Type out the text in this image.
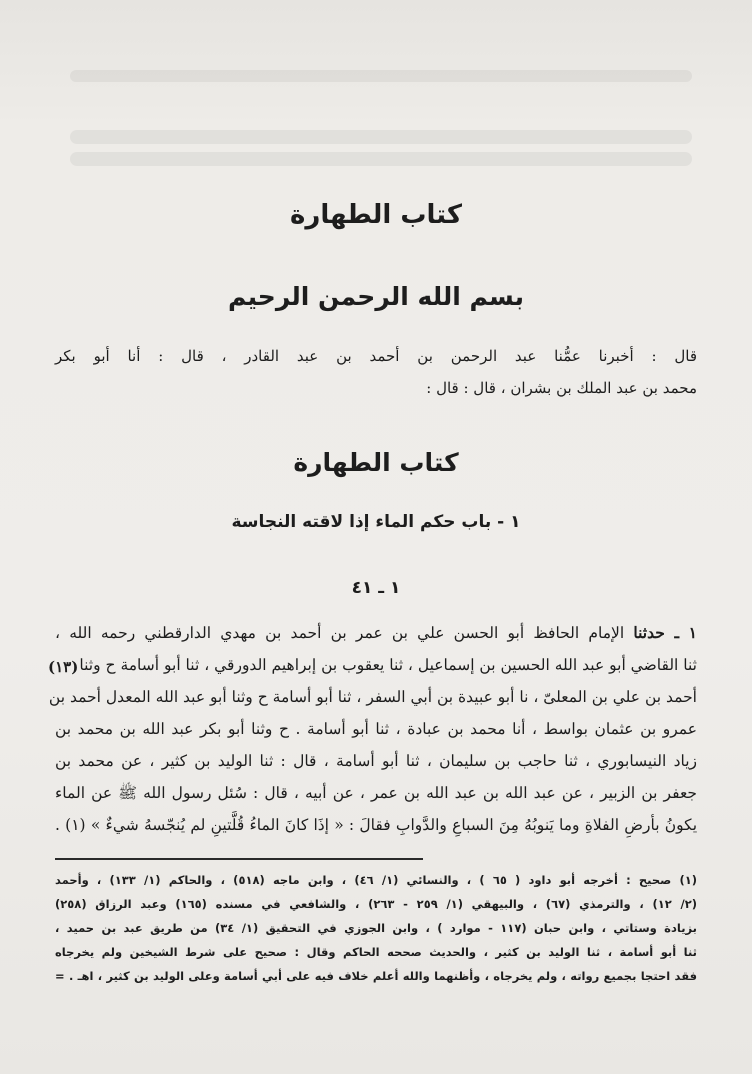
كتاب الطهارة
بسم الله الرحمن الرحيم
قال : أخبرنا عمُّنا عبد الرحمن بن أحمد بن عبد القادر ، قال : أنا أبو بكر
محمد بن عبد الملك بن بشران ، قال : قال :
كتاب الطهارة
١ - باب حكم الماء إذا لاقته النجاسة
١ ـ ٤١
١ ـ حدثنا الإمام الحافظ أبو الحسن علي بن عمر بن أحمد بن مهدي الدارقطني رحمه الله ،
ثنا القاضي أبو عبد الله الحسين بن إسماعيل ، ثنا يعقوب بن إبراهيم الدورقي ، ثنا أبو أسامة ح وثنا
أحمد بن علي بن المعلىّ ، نا أبو عبيدة بن أبي السفر ، ثنا أبو أسامة ح وثنا أبو عبد الله المعدل أحمد بن
عمرو بن عثمان بواسط ، أنا محمد بن عبادة ، ثنا أبو أسامة . ح وثنا أبو بكر عبد الله بن محمد بن
زياد النيسابوري ، ثنا حاجب بن سليمان ، ثنا أبو أسامة ، قال : ثنا الوليد بن كثير ، عن محمد بن
جعفر بن الزبير ، عن عبد الله بن عبد الله بن عمر ، عن أبيه ، قال : سُئل رسول الله ﷺ عن الماء
يكونُ بأرضِ الفلاةِ وما يَنوبُهُ مِنَ السباعِ والدَّوابِ فقالَ : « إذَا كانَ الماءُ قُلَّتينِ لم يُنجّسهُ شيءٌ » (١) .
(١٣)
(١) صحيح : أخرجه أبو داود ( ٦٥ ) ، والنسائي (١/ ٤٦) ، وابن ماجه (٥١٨) ، والحاكم (١/ ١٣٣) ، وأحمد
(٢/ ١٢) ، والترمذي (٦٧) ، والبيهقي (١/ ٢٥٩ - ٢٦٣) ، والشافعي في مسنده (١٦٥) وعبد الرزاق (٢٥٨)
بزيادة وستاتي ، وابن حبان (١١٧ - موارد ) ، وابن الجوزي في التحقيق (١/ ٣٤) من طريق عبد بن حميد ،
ثنا أبو أسامة ، ثنا الوليد بن كثير ، والحديث صححه الحاكم وقال : صحيح على شرط الشيخين ولم يخرجاه
فقد احتجا بجميع رواته ، ولم يخرجاه ، وأظنهما والله أعلم خلاف فيه على أبي أسامة وعلى الوليد بن كثير ، اهـ . =
